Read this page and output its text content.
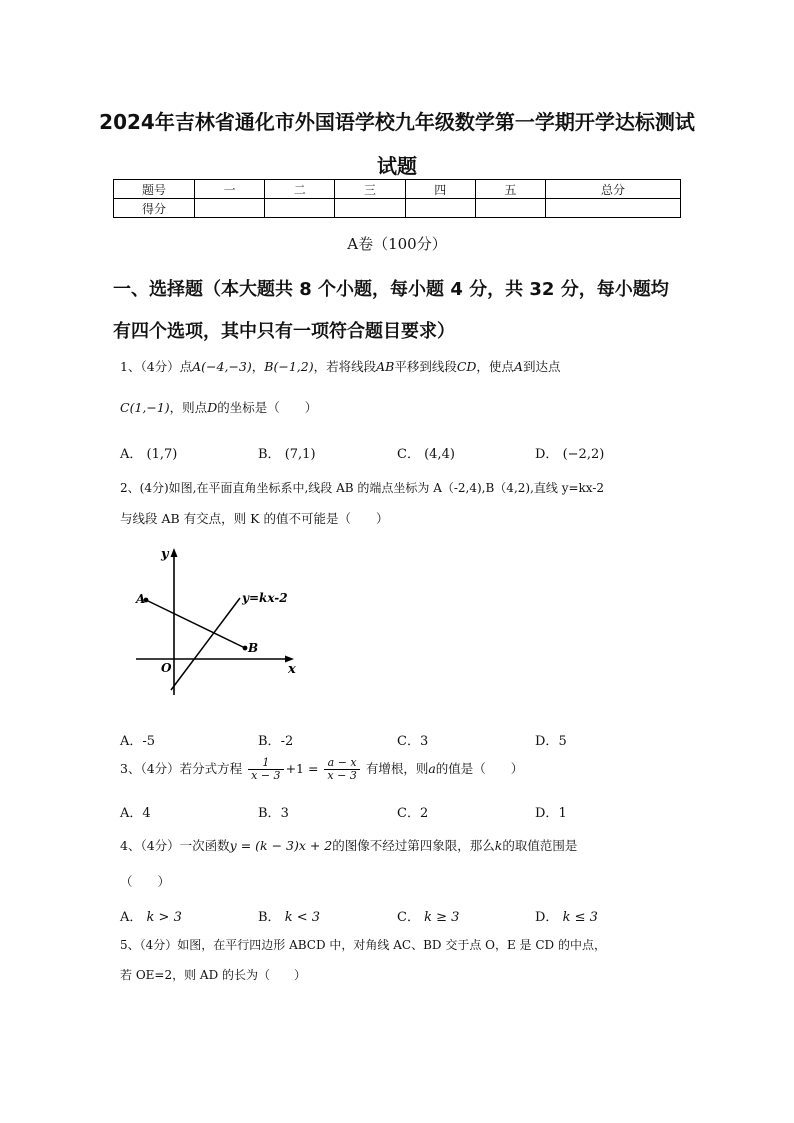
2024年吉林省通化市外国语学校九年级数学第一学期开学达标测试
试题
题号	一	二	三	四	五	总分
得分						
A卷（100分）
一、选择题（本大题共 8 个小题，每小题 4 分，共 32 分，每小题均
有四个选项，其中只有一项符合题目要求）
1、（4分）点A(−4,−3)，B(−1,2)，若将线段AB平移到线段CD，使点A到达点
C(1,−1)，则点D的坐标是（　　）
A． (1,7)	B． (7,1)	C． (4,4)	D． (−2,2)
2、(4分)如图,在平面直角坐标系中,线段 AB 的端点坐标为 A（-2,4),B（4,2),直线 y=kx-2
与线段 AB 有交点，则 K 的值不可能是（　　）
y
x
O
A
B
y=kx-2
A．-5	B．-2	C．3	D．5
3、（4分）若分式方程 $\frac{1}{x - 3} +1 = \frac{a - x}{x - 3}$ 有增根，则a的值是（　　）
A．4	B．3	C．2	D．1
4、（4分）一次函数y = (k − 3)x + 2的图像不经过第四象限，那么k的取值范围是
（　　）
A． k > 3	B． k < 3	C． k ≥ 3	D． k ≤ 3
5、（4分）如图，在平行四边形 ABCD 中，对角线 AC、BD 交于点 O，E 是 CD 的中点，
若 OE=2，则 AD 的长为（　　）
